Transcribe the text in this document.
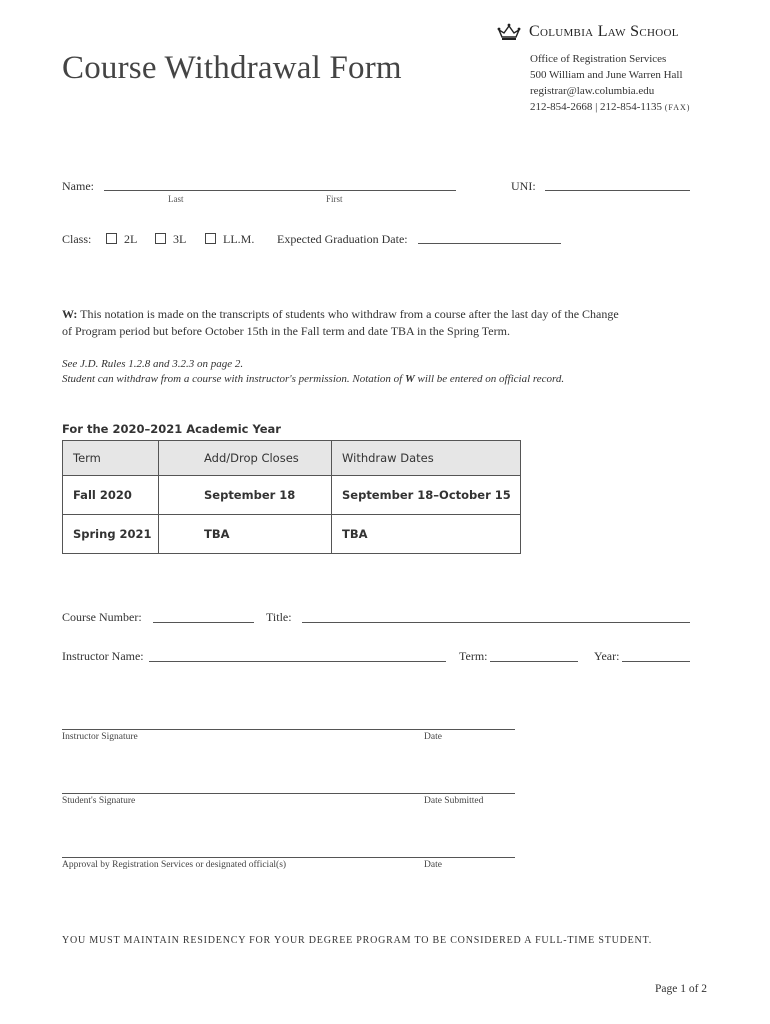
Columbia Law School
Office of Registration Services
500 William and June Warren Hall
registrar@law.columbia.edu
212-854-2668 | 212-854-1135 (FAX)
Course Withdrawal Form
Name:
Last	First
UNI:
Class:	2L	3L	LL.M. Expected Graduation Date:
W: This notation is made on the transcripts of students who withdraw from a course after the last day of the Change of Program period but before October 15th in the Fall term and date TBA in the Spring Term.
See J.D. Rules 1.2.8 and 3.2.3 on page 2.
Student can withdraw from a course with instructor's permission. Notation of W will be entered on official record.
For the 2020–2021 Academic Year
Term	Add/Drop Closes	Withdraw Dates
Fall 2020	September 18	September 18–October 15
Spring 2021	TBA	TBA
Course Number:	Title:
Instructor Name:	Term:	Year:
Instructor Signature	Date
Student's Signature	Date Submitted
Approval by Registration Services or designated official(s)	Date
YOU MUST MAINTAIN RESIDENCY FOR YOUR DEGREE PROGRAM TO BE CONSIDERED A FULL-TIME STUDENT.
Page 1 of 2
